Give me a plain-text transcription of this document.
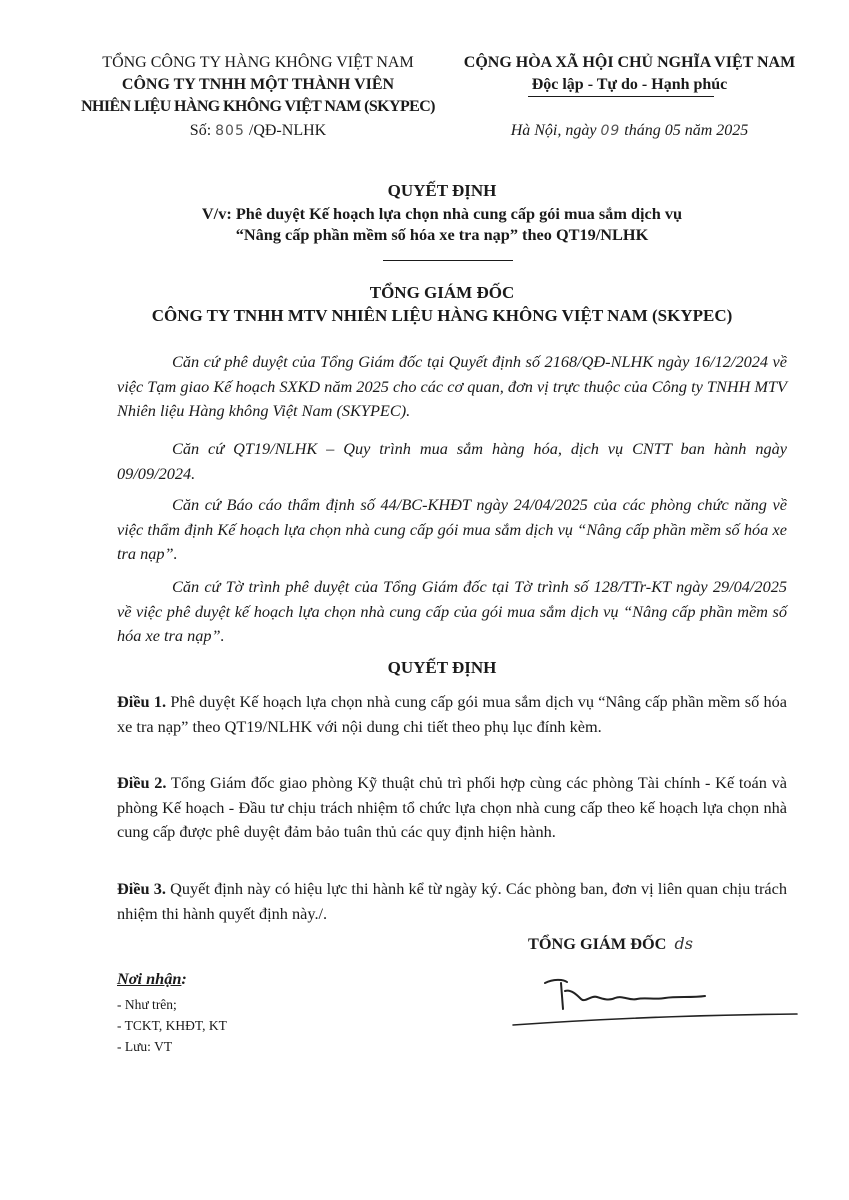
TỔNG CÔNG TY HÀNG KHÔNG VIỆT NAM
CÔNG TY TNHH MỘT THÀNH VIÊN
NHIÊN LIỆU HÀNG KHÔNG VIỆT NAM (SKYPEC)
Số: 805 /QĐ-NLHK
CỘNG HÒA XÃ HỘI CHỦ NGHĨA VIỆT NAM
Độc lập - Tự do - Hạnh phúc
Hà Nội, ngày 09 tháng 05 năm 2025
QUYẾT ĐỊNH
V/v: Phê duyệt Kế hoạch lựa chọn nhà cung cấp gói mua sắm dịch vụ
“Nâng cấp phần mềm số hóa xe tra nạp” theo QT19/NLHK
TỔNG GIÁM ĐỐC
CÔNG TY TNHH MTV NHIÊN LIỆU HÀNG KHÔNG VIỆT NAM (SKYPEC)
Căn cứ phê duyệt của Tổng Giám đốc tại Quyết định số 2168/QĐ-NLHK ngày 16/12/2024 về việc Tạm giao Kế hoạch SXKD năm 2025 cho các cơ quan, đơn vị trực thuộc của Công ty TNHH MTV Nhiên liệu Hàng không Việt Nam (SKYPEC).
Căn cứ QT19/NLHK – Quy trình mua sắm hàng hóa, dịch vụ CNTT ban hành ngày 09/09/2024.
Căn cứ Báo cáo thẩm định số 44/BC-KHĐT ngày 24/04/2025 của các phòng chức năng về việc thẩm định Kế hoạch lựa chọn nhà cung cấp gói mua sắm dịch vụ “Nâng cấp phần mềm số hóa xe tra nạp”.
Căn cứ Tờ trình phê duyệt của Tổng Giám đốc tại Tờ trình số 128/TTr-KT ngày 29/04/2025 về việc phê duyệt kế hoạch lựa chọn nhà cung cấp của gói mua sắm dịch vụ “Nâng cấp phần mềm số hóa xe tra nạp”.
QUYẾT ĐỊNH
Điều 1. Phê duyệt Kế hoạch lựa chọn nhà cung cấp gói mua sắm dịch vụ “Nâng cấp phần mềm số hóa xe tra nạp” theo QT19/NLHK với nội dung chi tiết theo phụ lục đính kèm.
Điều 2. Tổng Giám đốc giao phòng Kỹ thuật chủ trì phối hợp cùng các phòng Tài chính - Kế toán và phòng Kế hoạch - Đầu tư chịu trách nhiệm tổ chức lựa chọn nhà cung cấp theo kế hoạch lựa chọn nhà cung cấp được phê duyệt đảm bảo tuân thủ các quy định hiện hành.
Điều 3. Quyết định này có hiệu lực thi hành kể từ ngày ký. Các phòng ban, đơn vị liên quan chịu trách nhiệm thi hành quyết định này./.
TỔNG GIÁM ĐỐC ds
Nơi nhận:
- Như trên;
- TCKT, KHĐT, KT
- Lưu: VT
